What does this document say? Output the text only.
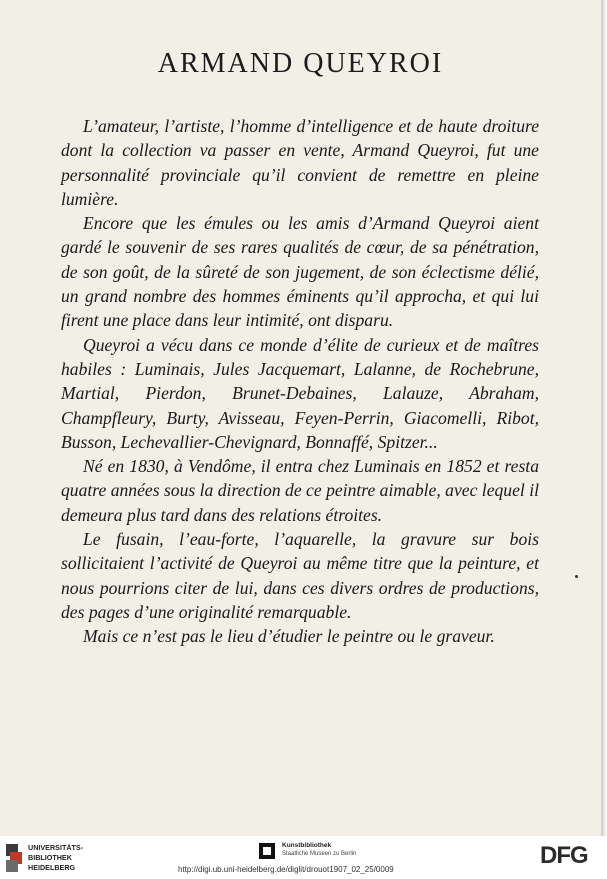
ARMAND QUEYROI

L’amateur, l’artiste, l’homme d’intelligence et de haute droiture dont la collection va passer en vente, Armand Queyroi, fut une personnalité provinciale qu’il convient de remettre en pleine lumière.

Encore que les émules ou les amis d’Armand Queyroi aient gardé le souvenir de ses rares qualités de cœur, de sa pénétration, de son goût, de la sûreté de son jugement, de son éclectisme délié, un grand nombre des hommes éminents qu’il approcha, et qui lui firent une place dans leur intimité, ont disparu.

Queyroi a vécu dans ce monde d’élite de curieux et de maîtres habiles : Luminais, Jules Jacquemart, Lalanne, de Rochebrune, Martial, Pierdon, Brunet-Debaines, Lalauze, Abraham, Champfleury, Burty, Avisseau, Feyen-Perrin, Giacomelli, Ribot, Busson, Lechevallier-Chevignard, Bonnaffé, Spitzer...

Né en 1830, à Vendôme, il entra chez Luminais en 1852 et resta quatre années sous la direction de ce peintre aimable, avec lequel il demeura plus tard dans des relations étroites.

Le fusain, l’eau-forte, l’aquarelle, la gravure sur bois sollicitaient l’activité de Queyroi au même titre que la peinture, et nous pourrions citer de lui, dans ces divers ordres de productions, des pages d’une originalité remarquable.

Mais ce n’est pas le lieu d’étudier le peintre ou le graveur.

UNIVERSITÄTS-
BIBLIOTHEK
HEIDELBERG
Kunstbibliothek
Staatliche Museen zu Berlin
http://digi.ub.uni-heidelberg.de/diglit/drouot1907_02_25/0009
DFG
